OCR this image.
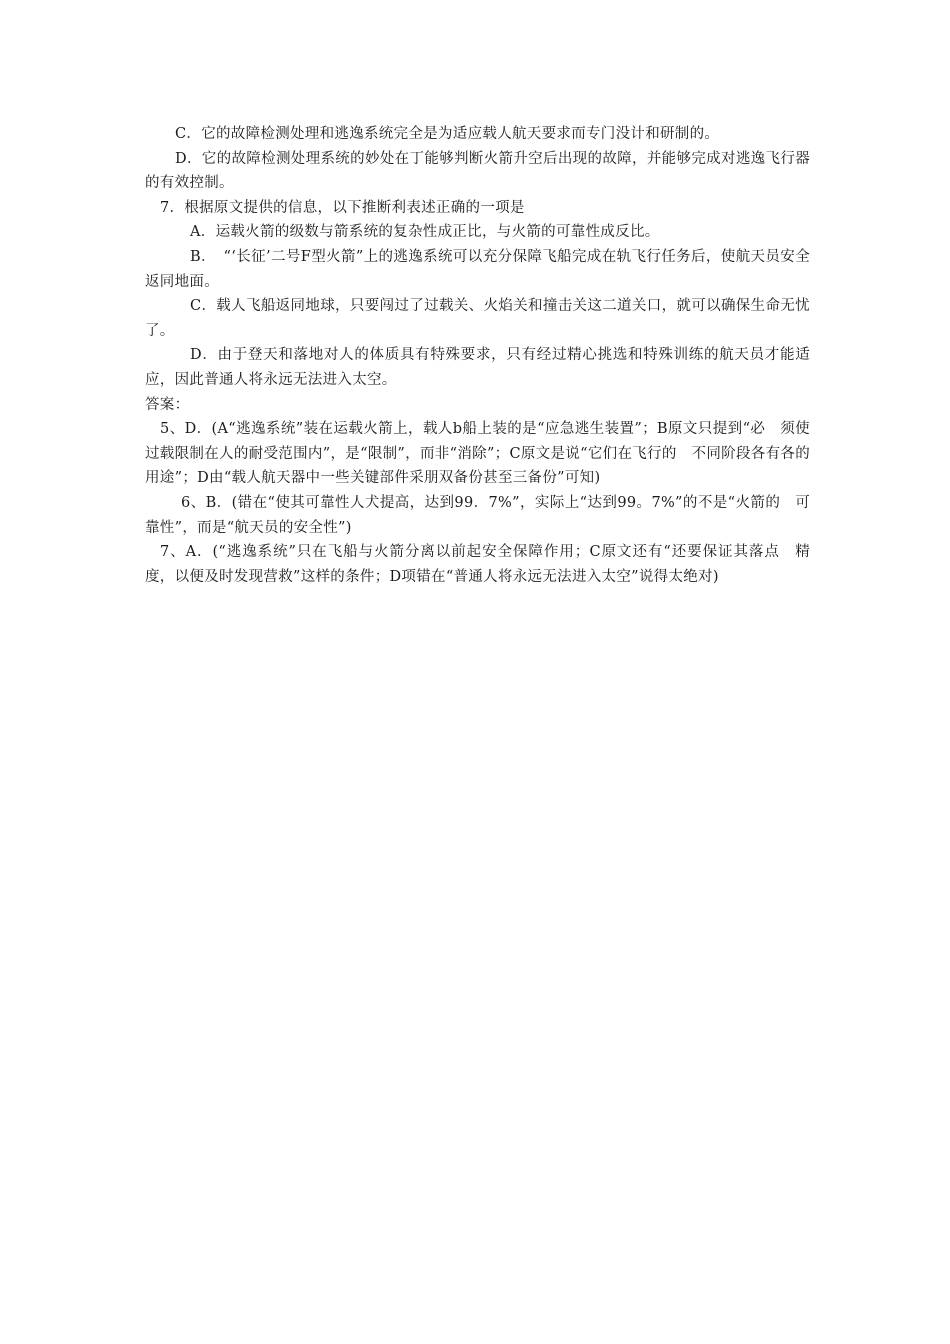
C．它的故障检测处理和逃逸系统完全是为适应载人航天要求而专门没计和研制的。

D．它的故障检测处理系统的妙处在丁能够判断火箭升空后出现的故障，并能够完成对逃逸飞行器的有效控制。

7．根据原文提供的信息，以下推断利表述正确的一项是

A．运载火箭的级数与箭系统的复杂性成正比，与火箭的可靠性成反比。

B．　“‘长征’二号F型火箭”上的逃逸系统可以充分保障飞船完成在轨飞行任务后，使航天员安全返同地面。

C．载人飞船返同地球，只要闯过了过载关、火焰关和撞击关这二道关口，就可以确保生命无忧了。

D．由于登天和落地对人的体质具有特殊要求，只有经过精心挑选和特殊训练的航天员才能适应，因此普通人将永远无法进入太空。

答案：

5、D．(A“逃逸系统”装在运载火箭上，载人b船上装的是“应急逃生装置”；B原文只提到“必　须使过载限制在人的耐受范围内”，是“限制”，而非“消除”；C原文是说“它们在飞行的　不同阶段各有各的用途”；D由“载人航天器中一些关键部件采朋双备份甚至三备份”可知)

6、B．(错在“使其可靠性人犬提高，达到99．7%”，实际上“达到99。7%”的不是“火箭的　可靠性”，而是“航天员的安全性”)

7、A．(“逃逸系统”只在飞船与火箭分离以前起安全保障作用；C原文还有“还要保证其落点　精度，以便及时发现营救”这样的条件；D项错在“普通人将永远无法进入太空”说得太绝对)
